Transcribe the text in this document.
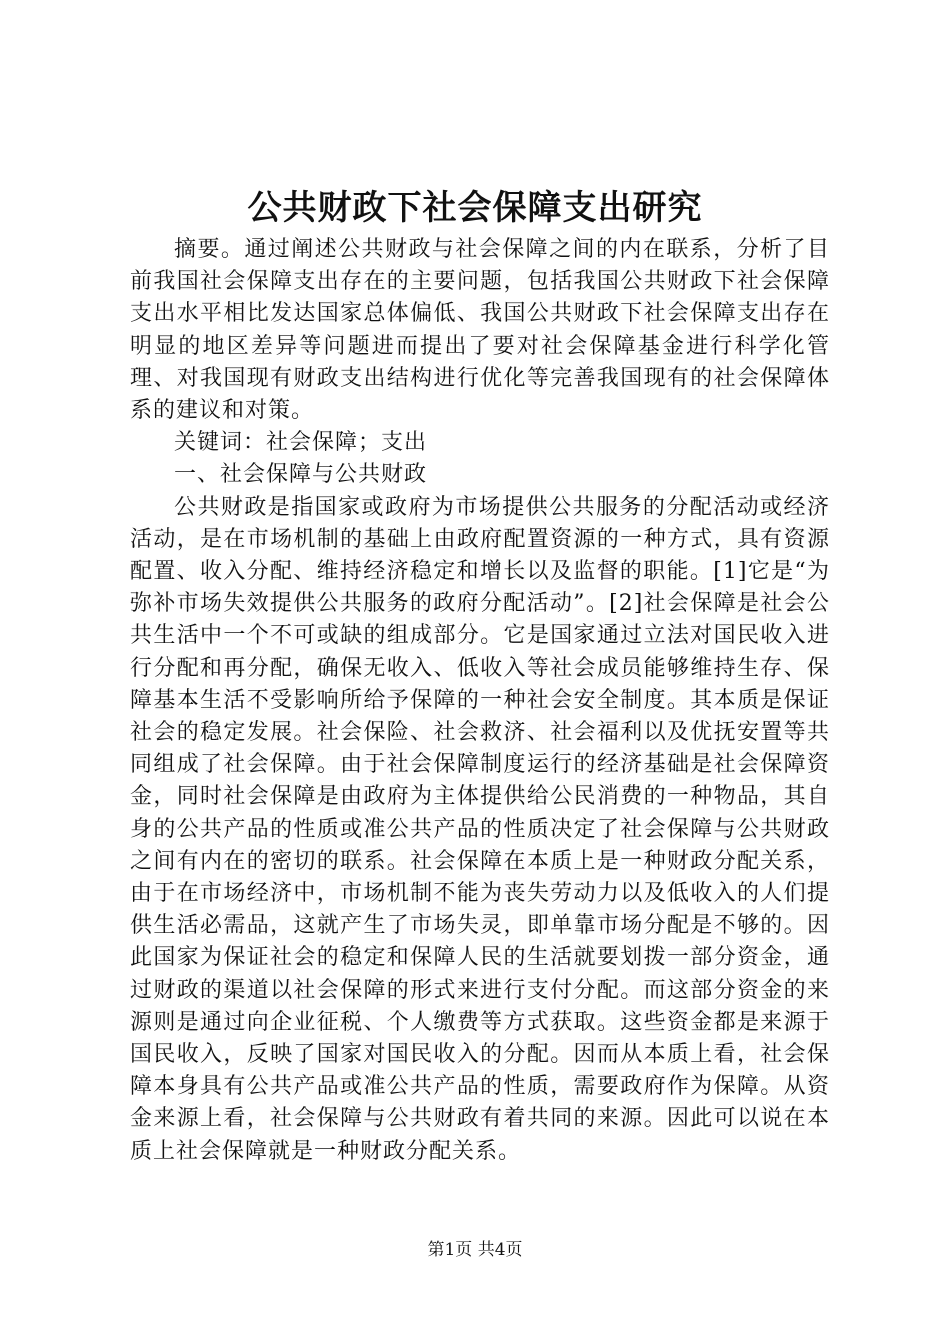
公共财政下社会保障支出研究

摘要。通过阐述公共财政与社会保障之间的内在联系，分析了目前我国社会保障支出存在的主要问题，包括我国公共财政下社会保障支出水平相比发达国家总体偏低、我国公共财政下社会保障支出存在明显的地区差异等问题进而提出了要对社会保障基金进行科学化管理、对我国现有财政支出结构进行优化等完善我国现有的社会保障体系的建议和对策。

关键词：社会保障；支出

一、社会保障与公共财政

公共财政是指国家或政府为市场提供公共服务的分配活动或经济活动，是在市场机制的基础上由政府配置资源的一种方式，具有资源配置、收入分配、维持经济稳定和增长以及监督的职能。[1]它是“为弥补市场失效提供公共服务的政府分配活动”。[2]社会保障是社会公共生活中一个不可或缺的组成部分。它是国家通过立法对国民收入进行分配和再分配，确保无收入、低收入等社会成员能够维持生存、保障基本生活不受影响所给予保障的一种社会安全制度。其本质是保证社会的稳定发展。社会保险、社会救济、社会福利以及优抚安置等共同组成了社会保障。由于社会保障制度运行的经济基础是社会保障资金，同时社会保障是由政府为主体提供给公民消费的一种物品，其自身的公共产品的性质或准公共产品的性质决定了社会保障与公共财政之间有内在的密切的联系。社会保障在本质上是一种财政分配关系，由于在市场经济中，市场机制不能为丧失劳动力以及低收入的人们提供生活必需品，这就产生了市场失灵，即单靠市场分配是不够的。因此国家为保证社会的稳定和保障人民的生活就要划拨一部分资金，通过财政的渠道以社会保障的形式来进行支付分配。而这部分资金的来源则是通过向企业征税、个人缴费等方式获取。这些资金都是来源于国民收入，反映了国家对国民收入的分配。因而从本质上看，社会保障本身具有公共产品或准公共产品的性质，需要政府作为保障。从资金来源上看，社会保障与公共财政有着共同的来源。因此可以说在本质上社会保障就是一种财政分配关系。

第1页 共4页
